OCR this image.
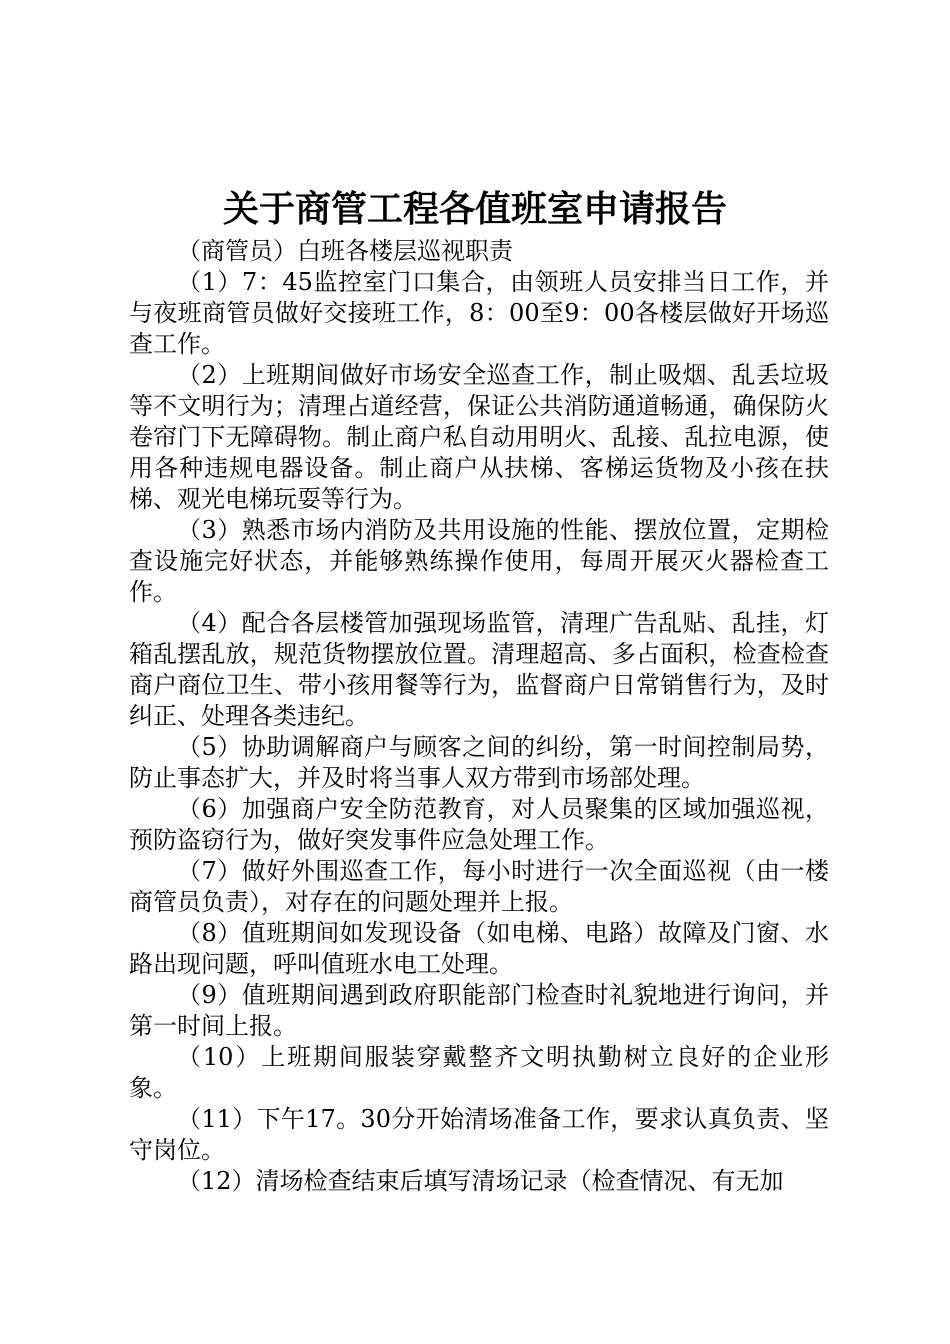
关于商管工程各值班室申请报告

（商管员）白班各楼层巡视职责

（1）7：45监控室门口集合，由领班人员安排当日工作，并与夜班商管员做好交接班工作，8：00至9：00各楼层做好开场巡查工作。

（2）上班期间做好市场安全巡查工作，制止吸烟、乱丢垃圾等不文明行为；清理占道经营，保证公共消防通道畅通，确保防火卷帘门下无障碍物。制止商户私自动用明火、乱接、乱拉电源，使用各种违规电器设备。制止商户从扶梯、客梯运货物及小孩在扶梯、观光电梯玩耍等行为。

（3）熟悉市场内消防及共用设施的性能、摆放位置，定期检查设施完好状态，并能够熟练操作使用，每周开展灭火器检查工作。

（4）配合各层楼管加强现场监管，清理广告乱贴、乱挂，灯箱乱摆乱放，规范货物摆放位置。清理超高、多占面积，检查检查商户商位卫生、带小孩用餐等行为，监督商户日常销售行为，及时纠正、处理各类违纪。

（5）协助调解商户与顾客之间的纠纷，第一时间控制局势，防止事态扩大，并及时将当事人双方带到市场部处理。

（6）加强商户安全防范教育，对人员聚集的区域加强巡视，预防盗窃行为，做好突发事件应急处理工作。

（7）做好外围巡查工作，每小时进行一次全面巡视（由一楼商管员负责），对存在的问题处理并上报。

（8）值班期间如发现设备（如电梯、电路）故障及门窗、水路出现问题，呼叫值班水电工处理。

（9）值班期间遇到政府职能部门检查时礼貌地进行询问，并第一时间上报。

（10）上班期间服装穿戴整齐文明执勤树立良好的企业形象。

（11）下午17。30分开始清场准备工作，要求认真负责、坚守岗位。

（12）清场检查结束后填写清场记录（检查情况、有无加
